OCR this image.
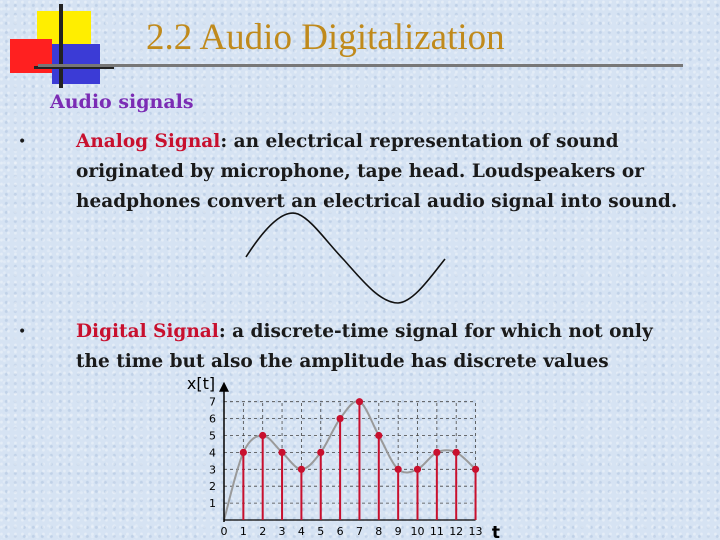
2.2 Audio Digitalization
Audio signals
•	Analog Signal: an electrical representation of sound originated by microphone, tape head. Loudspeakers or headphones convert an electrical audio signal into sound.
•	Digital Signal: a discrete-time signal for which not only the time but also the amplitude has discrete values
0 1 2 3 4 5 6 7 8 9 10 11 12 13
1
2
3
4
5
6
7
x[t]
t
